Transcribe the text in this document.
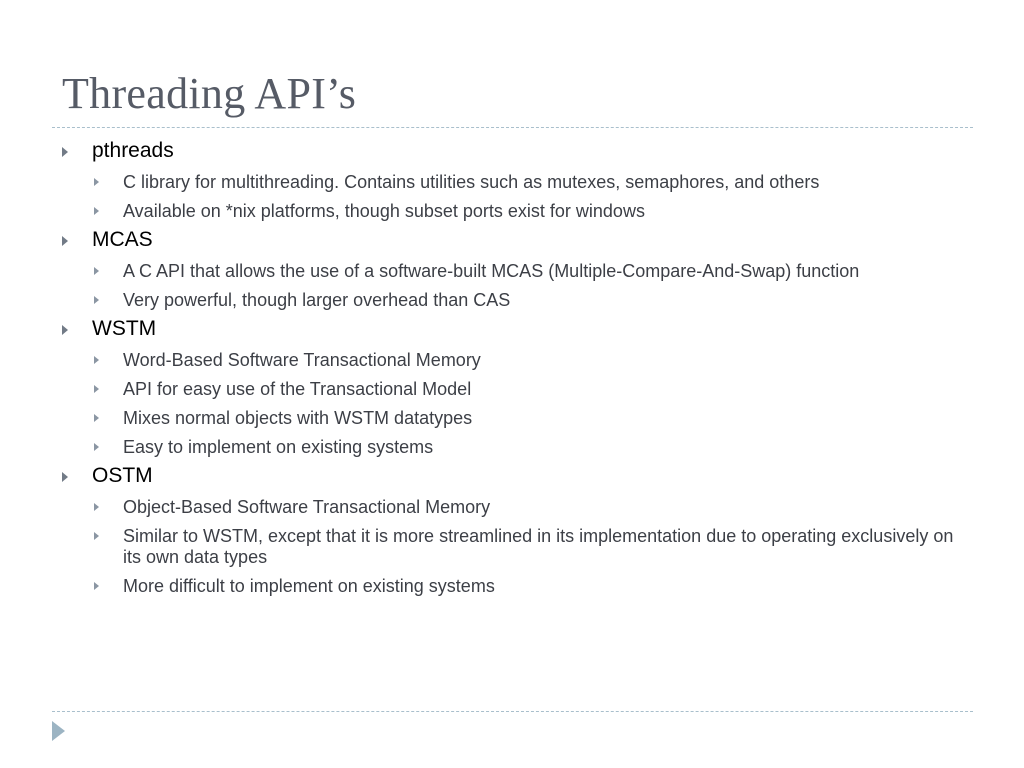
Threading API’s
pthreads
C library for multithreading. Contains utilities such as mutexes, semaphores, and others
Available on *nix platforms, though subset ports exist for windows
MCAS
A C API that allows the use of a software-built MCAS (Multiple-Compare-And-Swap) function
Very powerful, though larger overhead than CAS
WSTM
Word-Based Software Transactional Memory
API for easy use of the Transactional Model
Mixes normal objects with WSTM datatypes
Easy to implement on existing systems
OSTM
Object-Based Software Transactional Memory
Similar to WSTM, except that it is more streamlined in its implementation due to operating exclusively on its own data types
More difficult to implement on existing systems
